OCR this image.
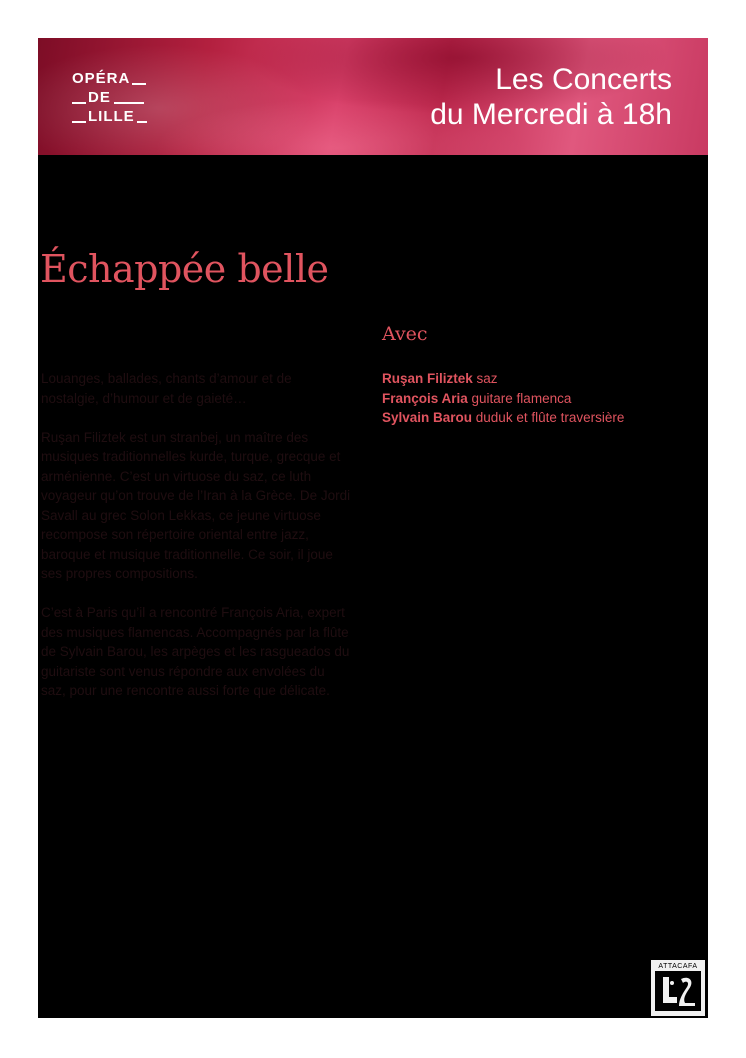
OPÉRA
DE
LILLE
Les Concerts
du Mercredi à 18h
Échappée belle

Louanges, ballades, chants d’amour et de nostalgie, d’humour et de gaieté…

Ruşan Filiztek est un stranbej, un maître des musiques traditionnelles kurde, turque, grecque et arménienne. C’est un virtuose du saz, ce luth voyageur qu’on trouve de l’Iran à la Grèce. De Jordi Savall au grec Solon Lekkas, ce jeune virtuose recompose son répertoire oriental entre jazz, baroque et musique traditionnelle. Ce soir, il joue ses propres compositions.

C’est à Paris qu’il a rencontré François Aria, expert des musiques flamencas. Accompagnés par la flûte de Sylvain Barou, les arpèges et les rasgueados du guitariste sont venus répondre aux envolées du saz, pour une rencontre aussi forte que délicate.

Avec
Ruşan Filiztek saz
François Aria guitare flamenca
Sylvain Barou duduk et flûte traversière
ATTACAFA
